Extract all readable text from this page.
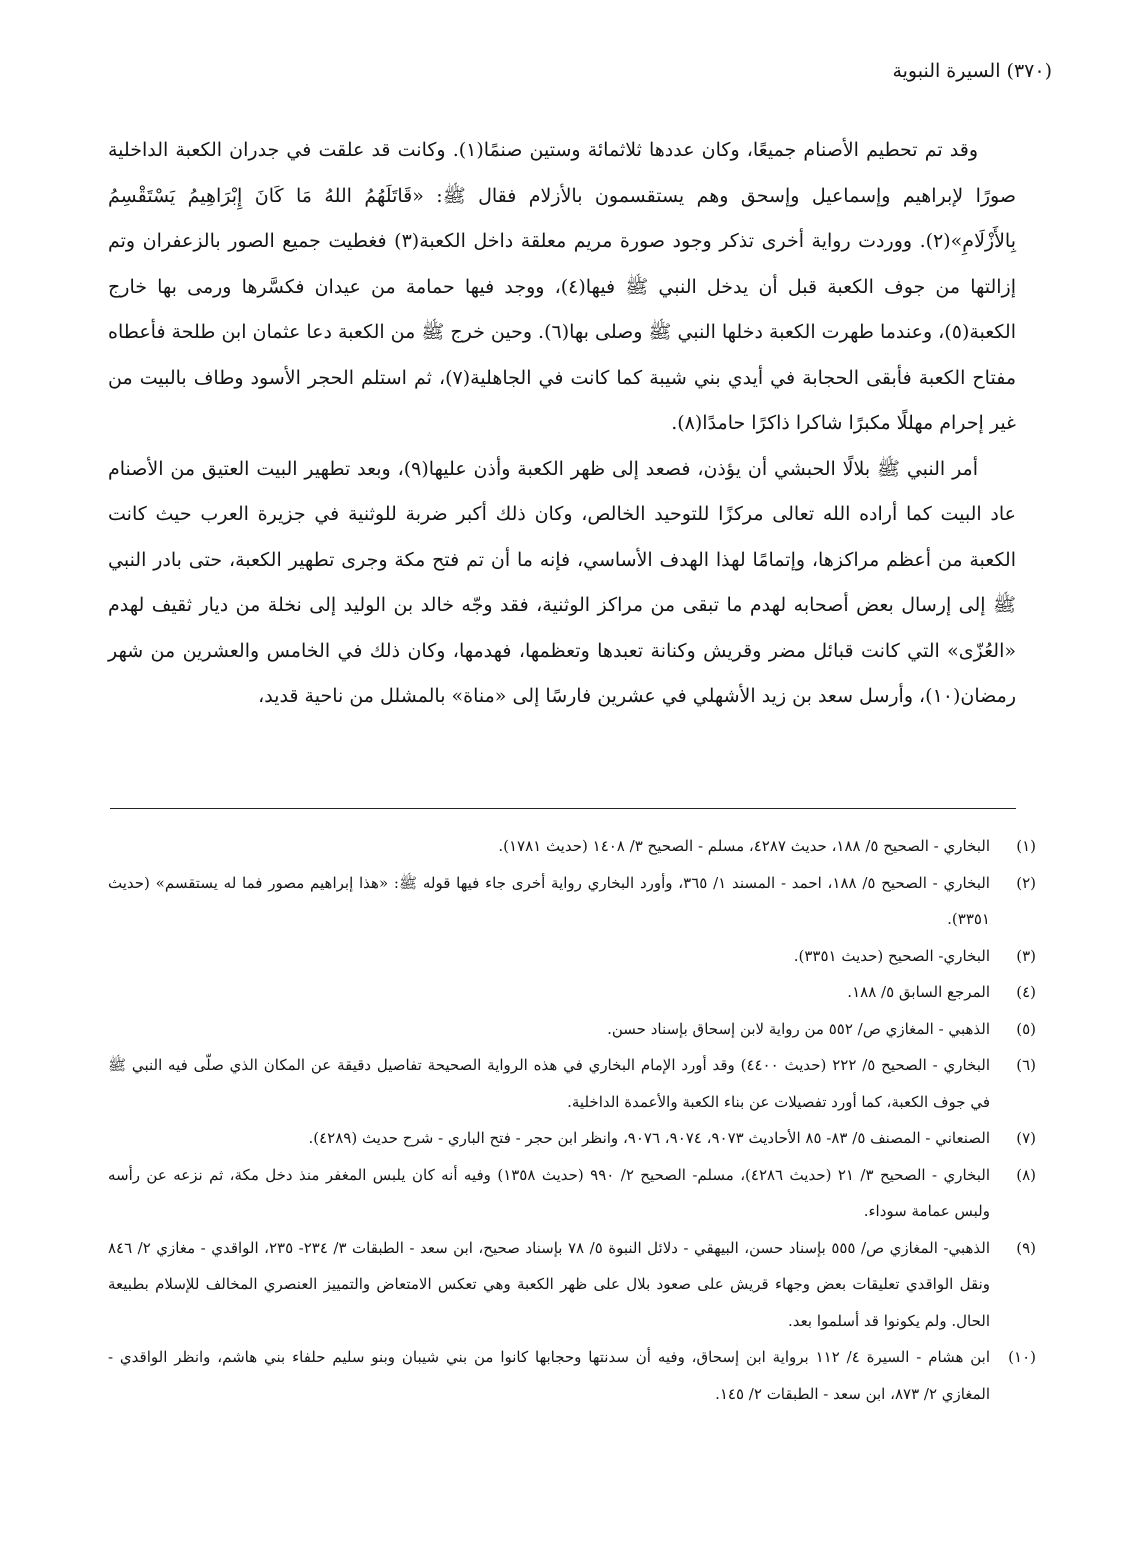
(٣٧٠) السيرة النبوية

وقد تم تحطيم الأصنام جميعًا، وكان عددها ثلاثمائة وستين صنمًا(١). وكانت قد علقت في جدران الكعبة الداخلية صورًا لإبراهيم وإسماعيل وإسحق وهم يستقسمون بالأزلام فقال ﷺ: «قَاتَلَهُمُ اللهُ مَا كَانَ إِبْرَاهِيمُ يَسْتَقْسِمُ بِالأَزْلَامِ»(٢). ووردت رواية أخرى تذكر وجود صورة مريم معلقة داخل الكعبة(٣) فغطيت جميع الصور بالزعفران وتم إزالتها من جوف الكعبة قبل أن يدخل النبي ﷺ فيها(٤)، ووجد فيها حمامة من عيدان فكسَّرها ورمى بها خارج الكعبة(٥)، وعندما طهرت الكعبة دخلها النبي ﷺ وصلى بها(٦). وحين خرج ﷺ من الكعبة دعا عثمان ابن طلحة فأعطاه مفتاح الكعبة فأبقى الحجابة في أيدي بني شيبة كما كانت في الجاهلية(٧)، ثم استلم الحجر الأسود وطاف بالبيت من غير إحرام مهللًا مكبرًا شاكرا ذاكرًا حامدًا(٨).

أمر النبي ﷺ بلالًا الحبشي أن يؤذن، فصعد إلى ظهر الكعبة وأذن عليها(٩)، وبعد تطهير البيت العتيق من الأصنام عاد البيت كما أراده الله تعالى مركزًا للتوحيد الخالص، وكان ذلك أكبر ضربة للوثنية في جزيرة العرب حيث كانت الكعبة من أعظم مراكزها، وإتمامًا لهذا الهدف الأساسي، فإنه ما أن تم فتح مكة وجرى تطهير الكعبة، حتى بادر النبي ﷺ إلى إرسال بعض أصحابه لهدم ما تبقى من مراكز الوثنية، فقد وجّه خالد بن الوليد إلى نخلة من ديار ثقيف لهدم «العُزّى» التي كانت قبائل مضر وقريش وكنانة تعبدها وتعظمها، فهدمها، وكان ذلك في الخامس والعشرين من شهر رمضان(١٠)، وأرسل سعد بن زيد الأشهلي في عشرين فارسًا إلى «مناة» بالمشلل من ناحية قديد،

(١)
البخاري - الصحيح ٥/ ١٨٨، حديث ٤٢٨٧، مسلم - الصحيح ٣/ ١٤٠٨ (حديث ١٧٨١).
(٢)
البخاري - الصحيح ٥/ ١٨٨، احمد - المسند ١/ ٣٦٥، وأورد البخاري رواية أخرى جاء فيها قوله ﷺ: «هذا إبراهيم مصور فما له يستقسم» (حديث ٣٣٥١).
(٣)
البخاري- الصحيح (حديث ٣٣٥١).
(٤)
المرجع السابق ٥/ ١٨٨.
(٥)
الذهبي - المغازي ص/ ٥٥٢ من رواية لابن إسحاق بإسناد حسن.
(٦)
البخاري - الصحيح ٥/ ٢٢٢ (حديث ٤٤٠٠) وقد أورد الإمام البخاري في هذه الرواية الصحيحة تفاصيل دقيقة عن المكان الذي صلّى فيه النبي ﷺ في جوف الكعبة، كما أورد تفصيلات عن بناء الكعبة والأعمدة الداخلية.
(٧)
الصنعاني - المصنف ٥/ ٨٣- ٨٥ الأحاديث ٩٠٧٣، ٩٠٧٤، ٩٠٧٦، وانظر ابن حجر - فتح الباري - شرح حديث (٤٢٨٩).
(٨)
البخاري - الصحيح ٣/ ٢١ (حديث ٤٢٨٦)، مسلم- الصحيح ٢/ ٩٩٠ (حديث ١٣٥٨) وفيه أنه كان يلبس المغفر منذ دخل مكة، ثم نزعه عن رأسه ولبس عمامة سوداء.
(٩)
الذهبي- المغازي ص/ ٥٥٥ بإسناد حسن، البيهقي - دلائل النبوة ٥/ ٧٨ بإسناد صحيح، ابن سعد - الطبقات ٣/ ٢٣٤- ٢٣٥، الواقدي - مغازي ٢/ ٨٤٦ ونقل الواقدي تعليقات بعض وجهاء قريش على صعود بلال على ظهر الكعبة وهي تعكس الامتعاض والتمييز العنصري المخالف للإسلام بطبيعة الحال. ولم يكونوا قد أسلموا بعد.
(١٠)
ابن هشام - السيرة ٤/ ١١٢ برواية ابن إسحاق، وفيه أن سدنتها وحجابها كانوا من بني شيبان وبنو سليم حلفاء بني هاشم، وانظر الواقدي - المغازي ٢/ ٨٧٣، ابن سعد - الطبقات ٢/ ١٤٥.
